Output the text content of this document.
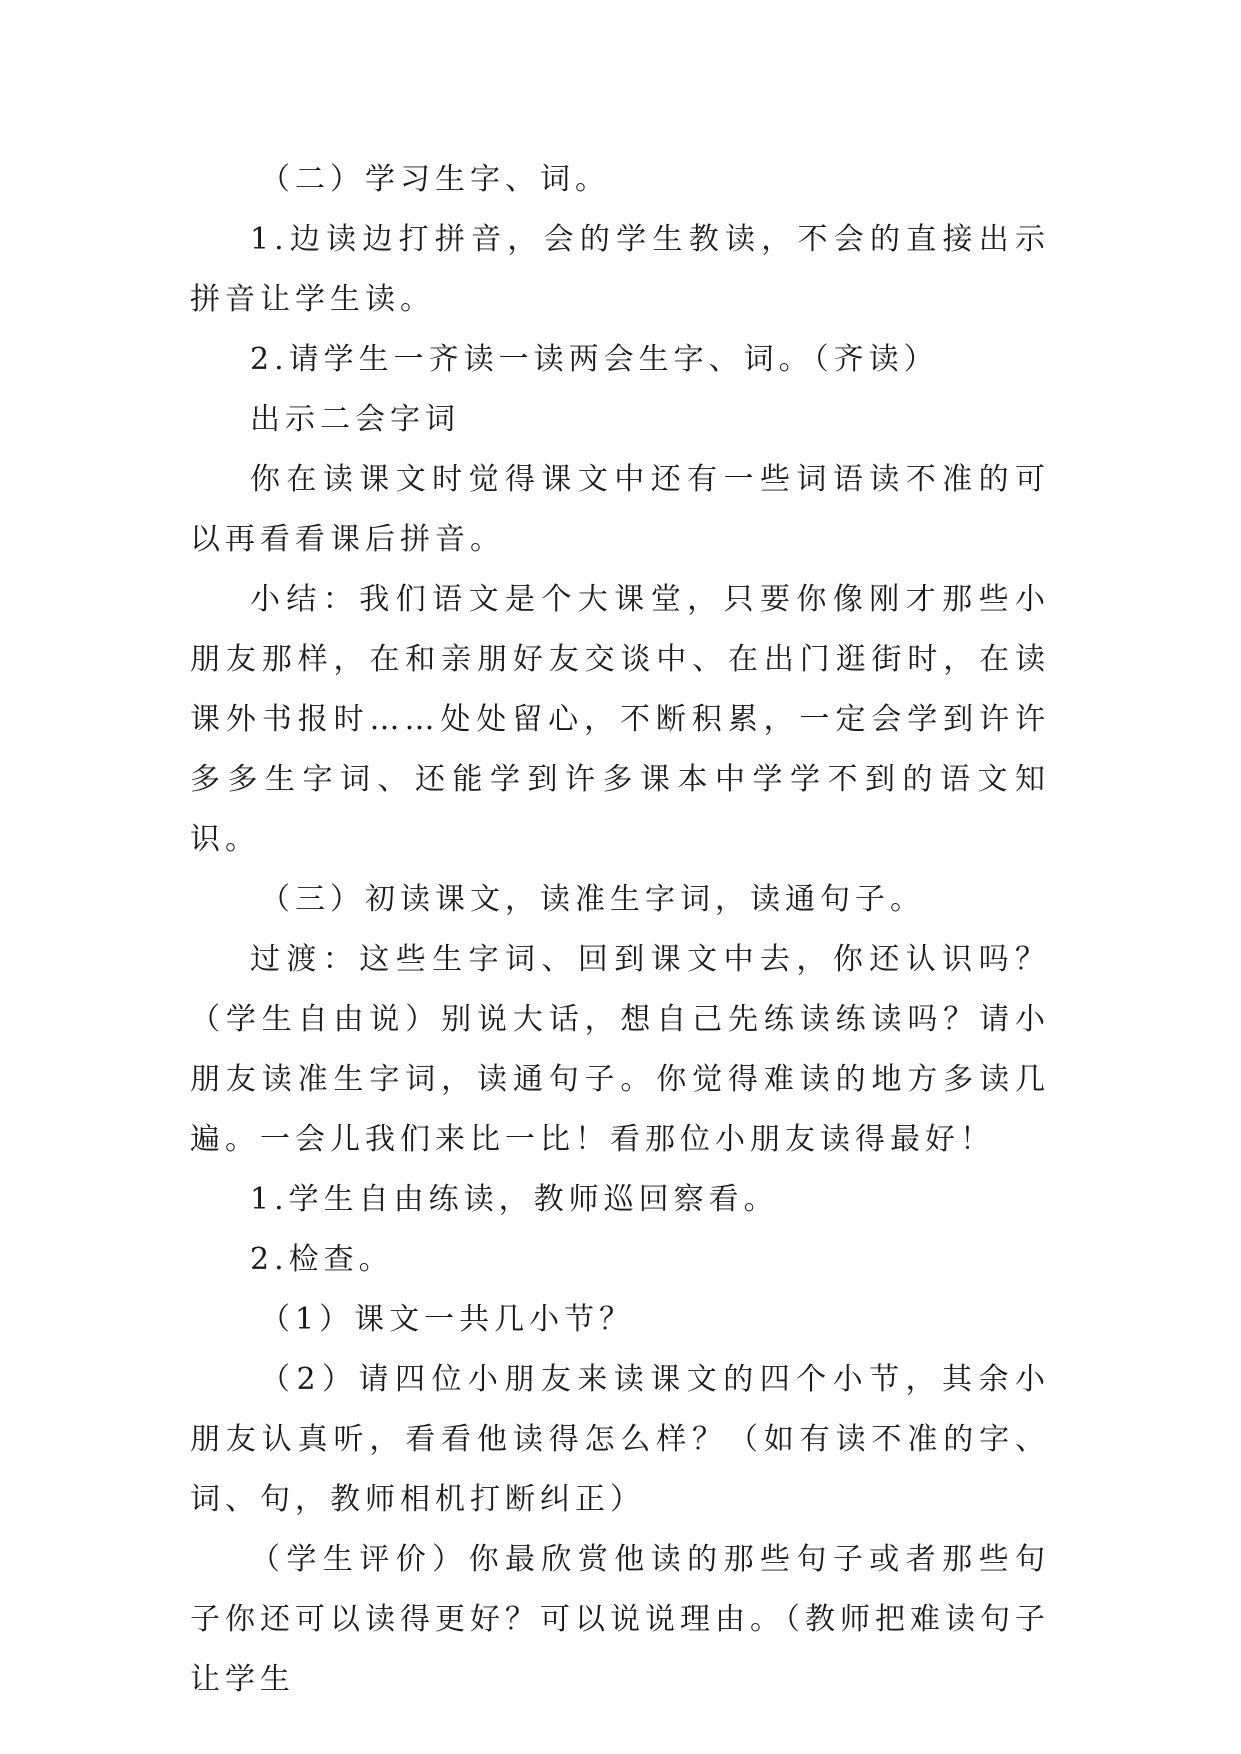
（二）学习生字、词。

1.边读边打拼音，会的学生教读，不会的直接出示拼音让学生读。

2.请学生一齐读一读两会生字、词。（齐读）

出示二会字词

你在读课文时觉得课文中还有一些词语读不准的可以再看看课后拼音。

小结：我们语文是个大课堂，只要你像刚才那些小朋友那样，在和亲朋好友交谈中、在出门逛街时，在读课外书报时……处处留心，不断积累，一定会学到许许多多生字词、还能学到许多课本中学学不到的语文知识。

（三）初读课文，读准生字词，读通句子。

过渡：这些生字词、回到课文中去，你还认识吗？（学生自由说）别说大话，想自己先练读练读吗？请小朋友读准生字词，读通句子。你觉得难读的地方多读几遍。一会儿我们来比一比！看那位小朋友读得最好！

1.学生自由练读，教师巡回察看。

2.检查。

（1）课文一共几小节？

（2）请四位小朋友来读课文的四个小节，其余小朋友认真听，看看他读得怎么样？（如有读不准的字、词、句，教师相机打断纠正）

（学生评价）你最欣赏他读的那些句子或者那些句子你还可以读得更好？可以说说理由。（教师把难读句子让学生
